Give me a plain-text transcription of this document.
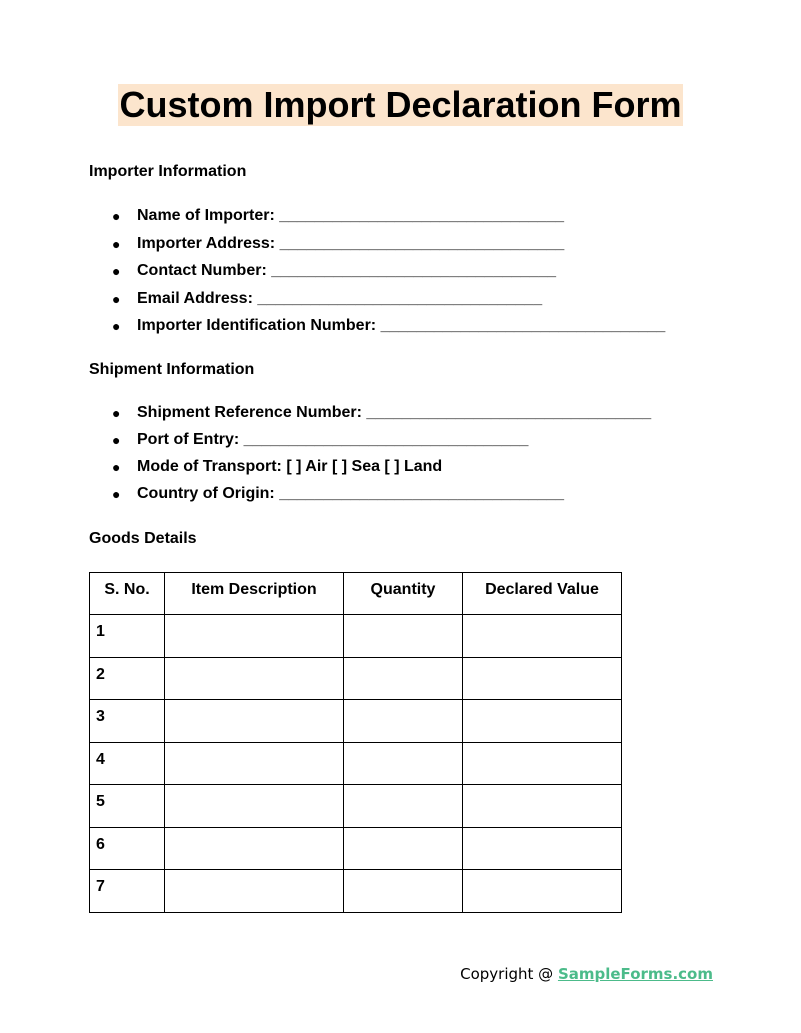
Custom Import Declaration Form
Importer Information
● Name of Importer: ________________________________
● Importer Address: ________________________________
● Contact Number: ________________________________
● Email Address: ________________________________
● Importer Identification Number: ________________________________
Shipment Information
● Shipment Reference Number: ________________________________
● Port of Entry: ________________________________
● Mode of Transport: [ ] Air [ ] Sea [ ] Land
● Country of Origin: ________________________________
Goods Details
S. No.	Item Description	Quantity	Declared Value
1			
2			
3			
4			
5			
6			
7			
Copyright @ SampleForms.com
